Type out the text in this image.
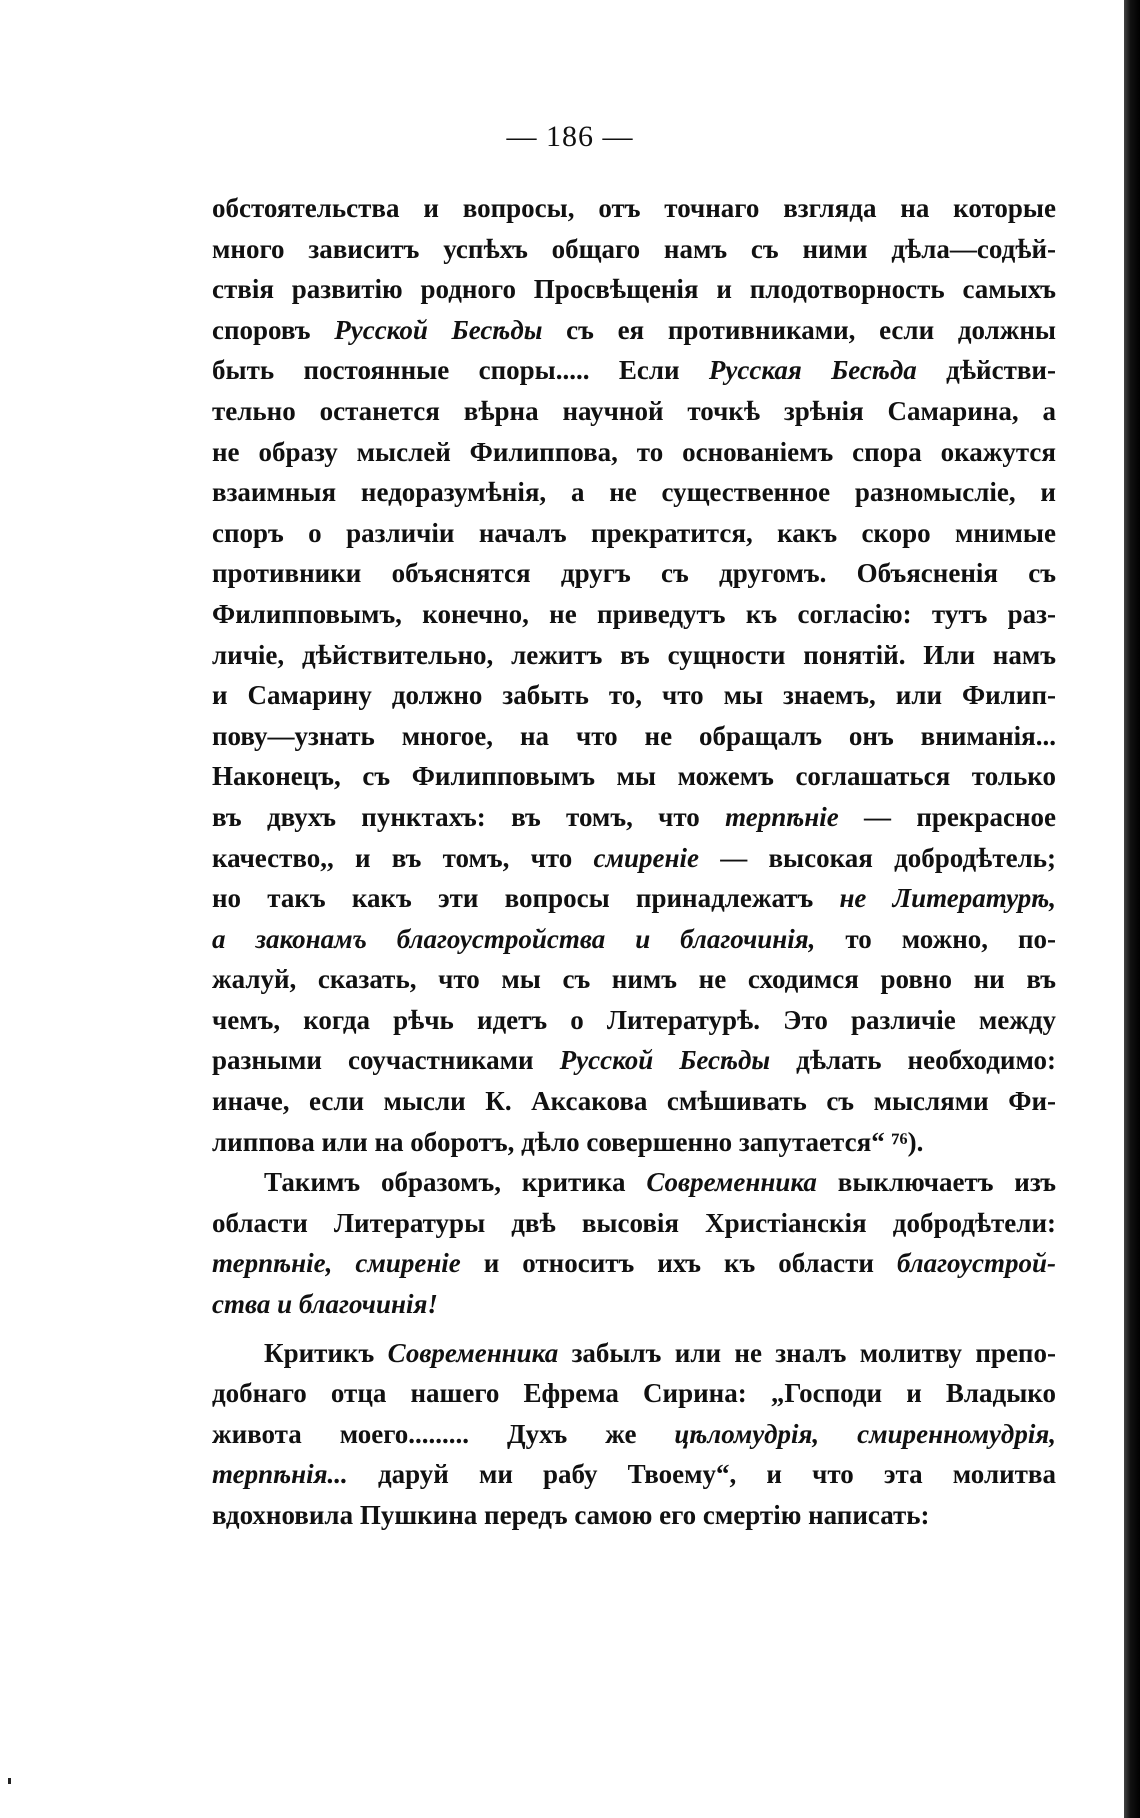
— 186 —
обстоятельства и вопросы, отъ точнаго взгляда на которые
много зависитъ успѣхъ общаго намъ съ ними дѣла—содѣй-
ствія развитію родного Просвѣщенія и плодотворность самыхъ
споровъ Русской Бесѣды съ ея противниками, если должны
быть постоянные споры..... Если Русская Бесѣда дѣйстви-
тельно останется вѣрна научной точкѣ зрѣнія Самарина, а
не образу мыслей Филиппова, то основаніемъ спора окажутся
взаимныя недоразумѣнія, а не существенное разномысліе, и
споръ о различіи началъ прекратится, какъ скоро мнимые
противники объяснятся другъ съ другомъ. Объясненія съ
Филипповымъ, конечно, не приведутъ къ согласію: тутъ раз-
личіе, дѣйствительно, лежитъ въ сущности понятій. Или намъ
и Самарину должно забыть то, что мы знаемъ, или Филип-
пову—узнать многое, на что не обращалъ онъ вниманія...
Наконецъ, съ Филипповымъ мы можемъ соглашаться только
въ двухъ пунктахъ: въ томъ, что терпѣніе — прекрасное
качество,, и въ томъ, что смиреніе — высокая добродѣтель;
но такъ какъ эти вопросы принадлежатъ не Литературѣ,
а законамъ благоустройства и благочинія, то можно, по-
жалуй, сказать, что мы съ нимъ не сходимся ровно ни въ
чемъ, когда рѣчь идетъ о Литературѣ. Это различіе между
разными соучастниками Русской Бесѣды дѣлать необходимо:
иначе, если мысли К. Аксакова смѣшивать съ мыслями Фи-
липпова или на оборотъ, дѣло совершенно запутается“ ⁷⁶).
Такимъ образомъ, критика Современника выключаетъ изъ
области Литературы двѣ высовія Христіанскія добродѣтели:
терпѣніе, смиреніе и относитъ ихъ къ области благоустрой-
ства и благочинія!
Критикъ Современника забылъ или не зналъ молитву препо-
добнаго отца нашего Ефрема Сирина: „Господи и Владыко
живота моего......... Духъ же цѣломудрія, смиренномудрія,
терпѣнія... даруй ми рабу Твоему“, и что эта молитва
вдохновила Пушкина передъ самою его смертію написать:
